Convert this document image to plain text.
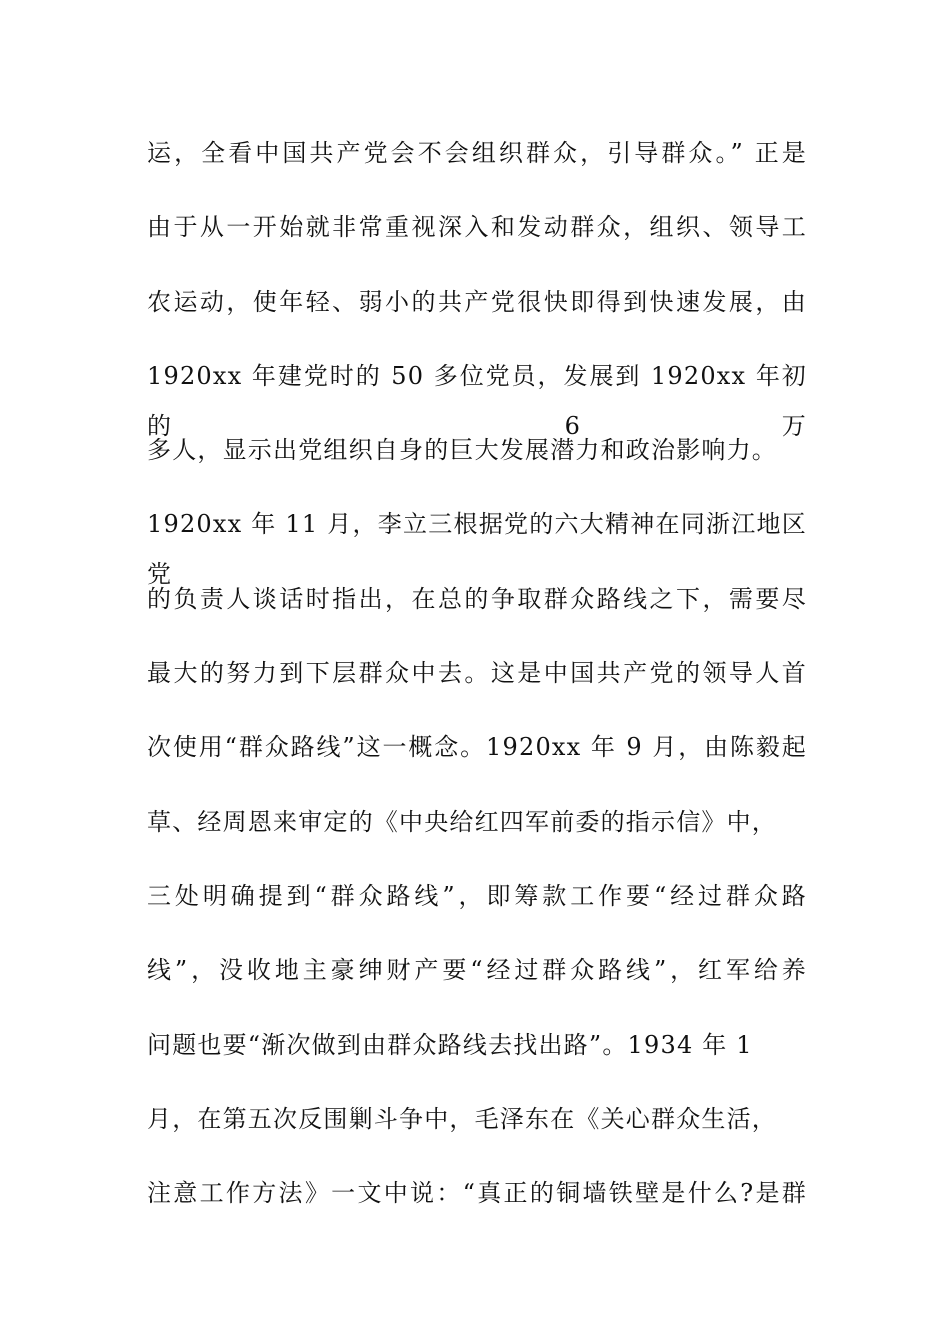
运，全看中国共产党会不会组织群众，引导群众。” 正是
由于从一开始就非常重视深入和发动群众，组织、领导工
农运动，使年轻、弱小的共产党很快即得到快速发展，由
1920xx 年建党时的 50 多位党员，发展到 1920xx 年初的 6 万
多人，显示出党组织自身的巨大发展潜力和政治影响力。
1920xx 年 11 月，李立三根据党的六大精神在同浙江地区党
的负责人谈话时指出，在总的争取群众路线之下，需要尽
最大的努力到下层群众中去。这是中国共产党的领导人首
次使用“群众路线”这一概念。1920xx 年 9 月，由陈毅起
草、经周恩来审定的《中央给红四军前委的指示信》中，
三处明确提到“群众路线”，即筹款工作要“经过群众路
线”，没收地主豪绅财产要“经过群众路线”，红军给养
问题也要“渐次做到由群众路线去找出路”。1934 年 1
月，在第五次反围剿斗争中，毛泽东在《关心群众生活，
注意工作方法》一文中说：“真正的铜墙铁壁是什么?是群
